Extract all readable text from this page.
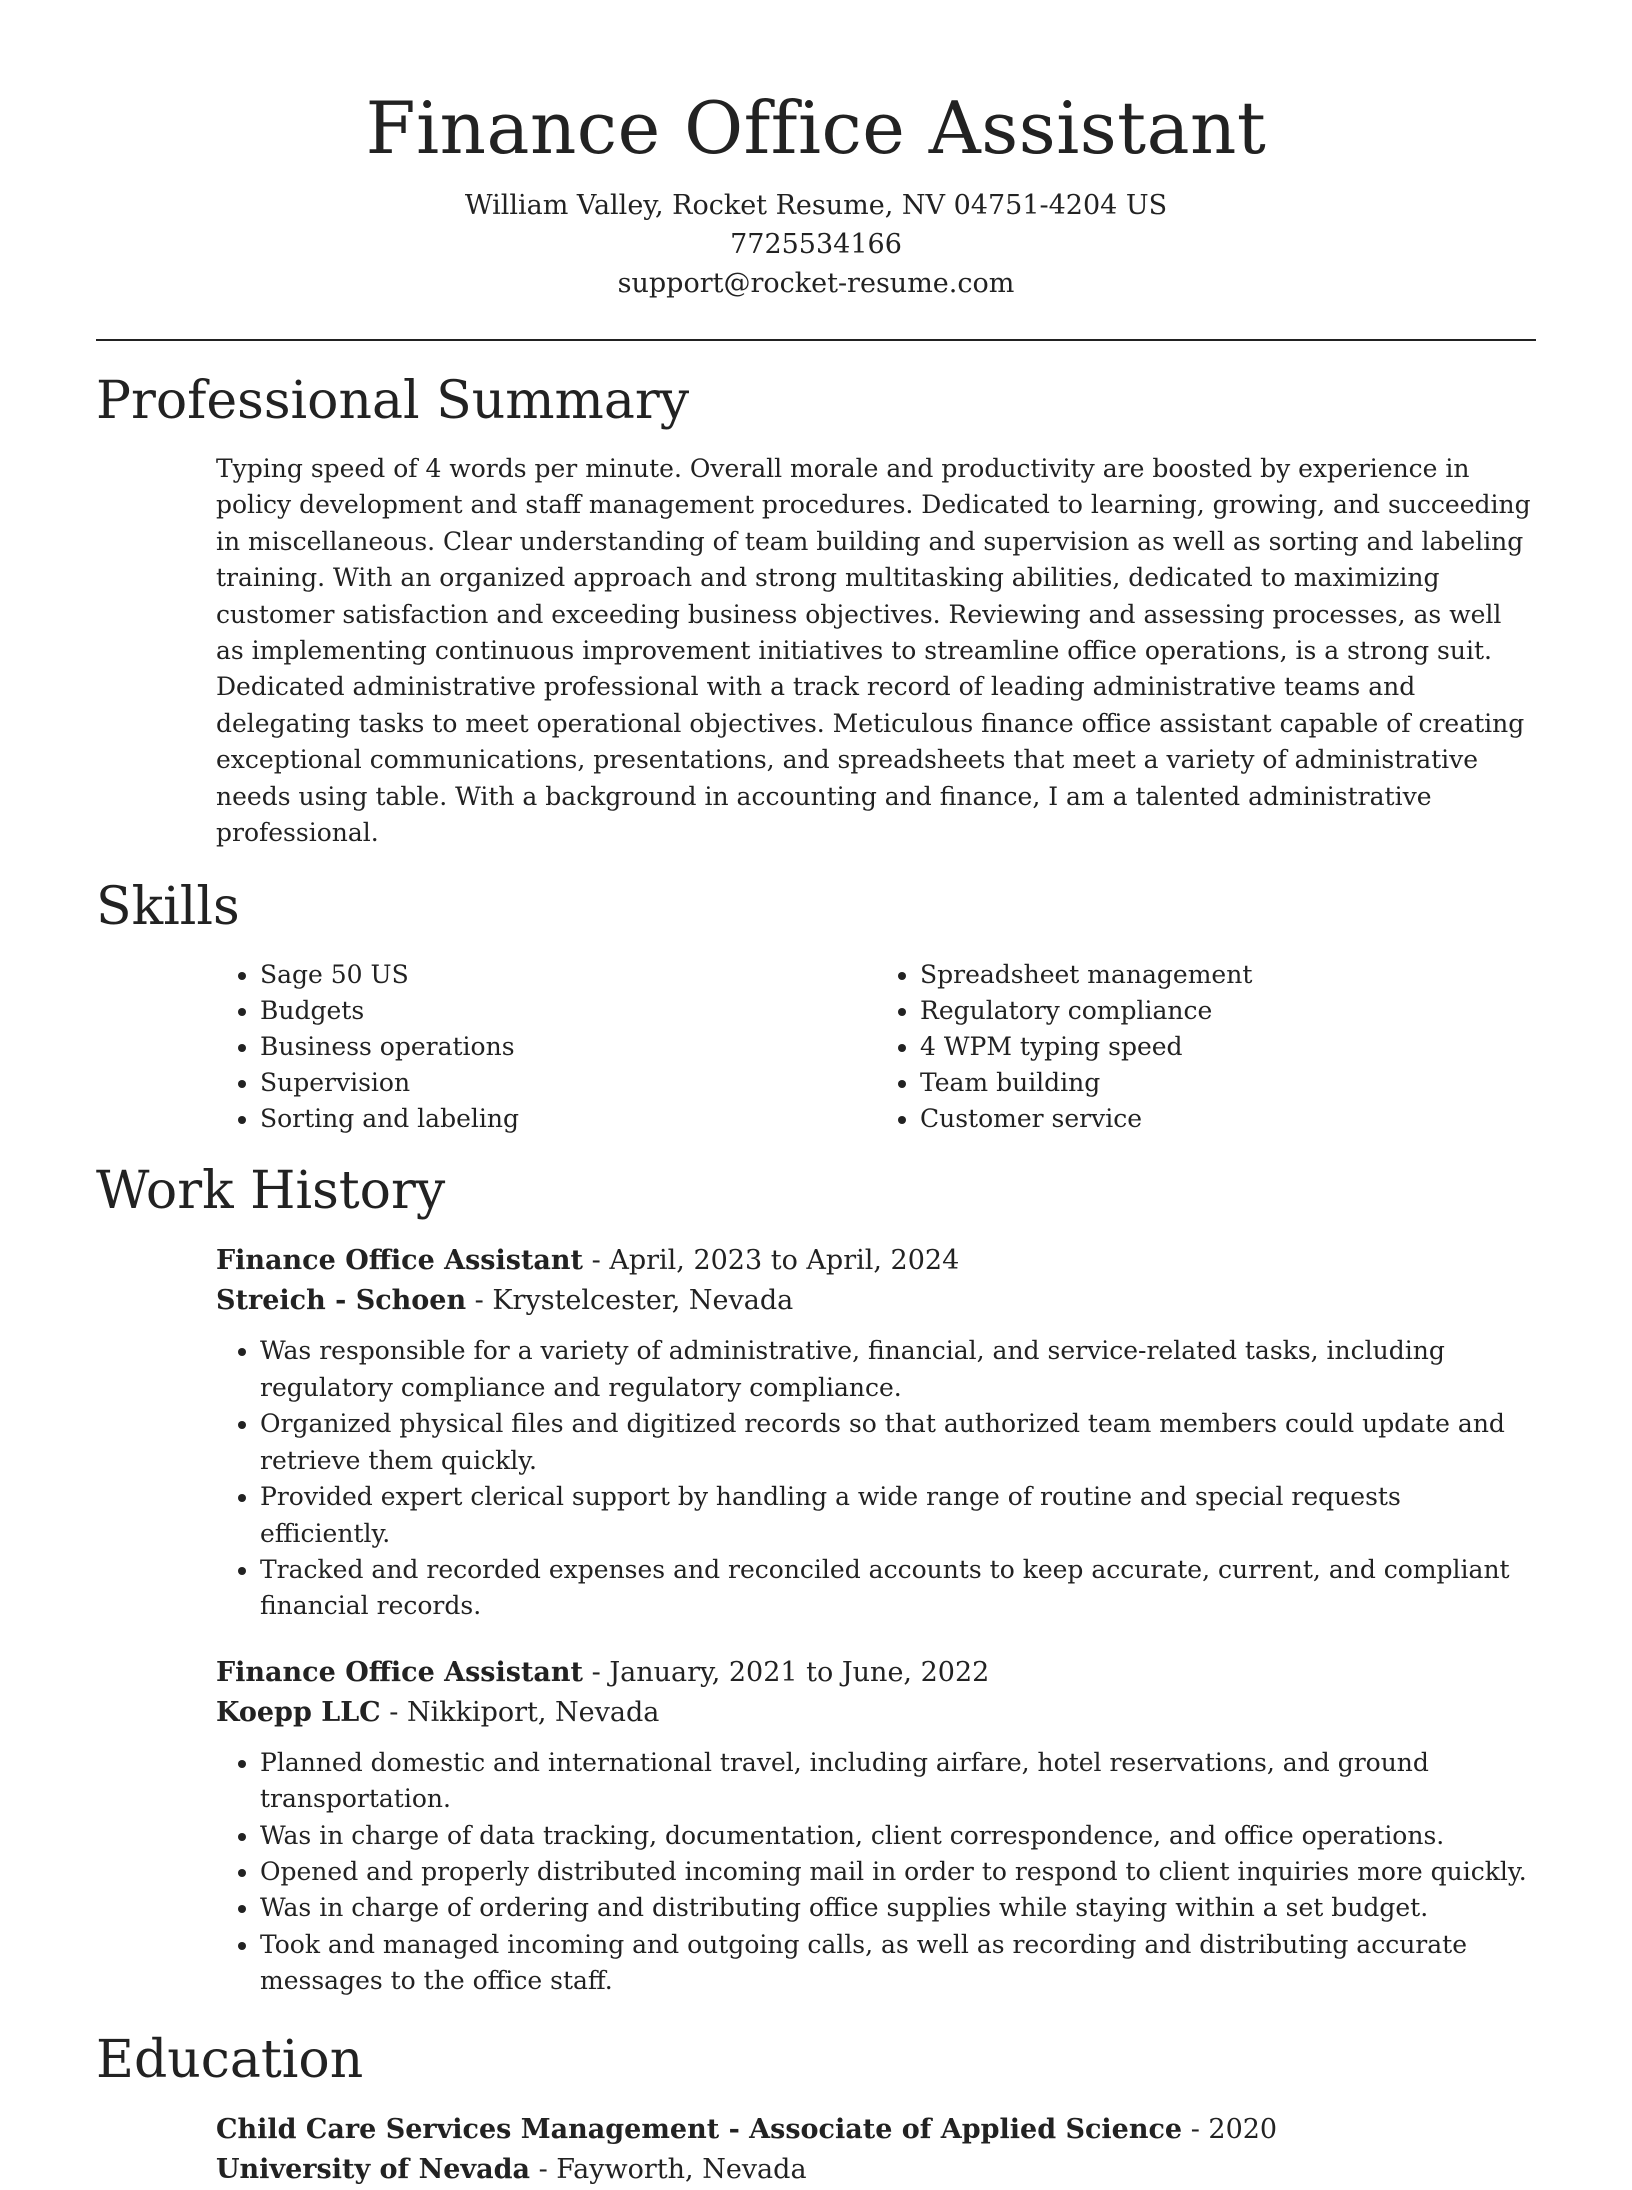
Finance Office Assistant
William Valley, Rocket Resume, NV 04751-4204 US
7725534166
support@rocket-resume.com
Professional Summary
Typing speed of 4 words per minute. Overall morale and productivity are boosted by experience in policy development and staff management procedures. Dedicated to learning, growing, and succeeding in miscellaneous. Clear understanding of team building and supervision as well as sorting and labeling training. With an organized approach and strong multitasking abilities, dedicated to maximizing customer satisfaction and exceeding business objectives. Reviewing and assessing processes, as well as implementing continuous improvement initiatives to streamline office operations, is a strong suit. Dedicated administrative professional with a track record of leading administrative teams and delegating tasks to meet operational objectives. Meticulous finance office assistant capable of creating exceptional communications, presentations, and spreadsheets that meet a variety of administrative needs using table. With a background in accounting and finance, I am a talented administrative professional.
Skills
• Sage 50 US
• Budgets
• Business operations
• Supervision
• Sorting and labeling
• Spreadsheet management
• Regulatory compliance
• 4 WPM typing speed
• Team building
• Customer service
Work History
Finance Office Assistant - April, 2023 to April, 2024
Streich - Schoen - Krystelcester, Nevada
• Was responsible for a variety of administrative, financial, and service-related tasks, including regulatory compliance and regulatory compliance.
• Organized physical files and digitized records so that authorized team members could update and retrieve them quickly.
• Provided expert clerical support by handling a wide range of routine and special requests efficiently.
• Tracked and recorded expenses and reconciled accounts to keep accurate, current, and compliant financial records.
Finance Office Assistant - January, 2021 to June, 2022
Koepp LLC - Nikkiport, Nevada
• Planned domestic and international travel, including airfare, hotel reservations, and ground transportation.
• Was in charge of data tracking, documentation, client correspondence, and office operations.
• Opened and properly distributed incoming mail in order to respond to client inquiries more quickly.
• Was in charge of ordering and distributing office supplies while staying within a set budget.
• Took and managed incoming and outgoing calls, as well as recording and distributing accurate messages to the office staff.
Education
Child Care Services Management - Associate of Applied Science - 2020
University of Nevada - Fayworth, Nevada
